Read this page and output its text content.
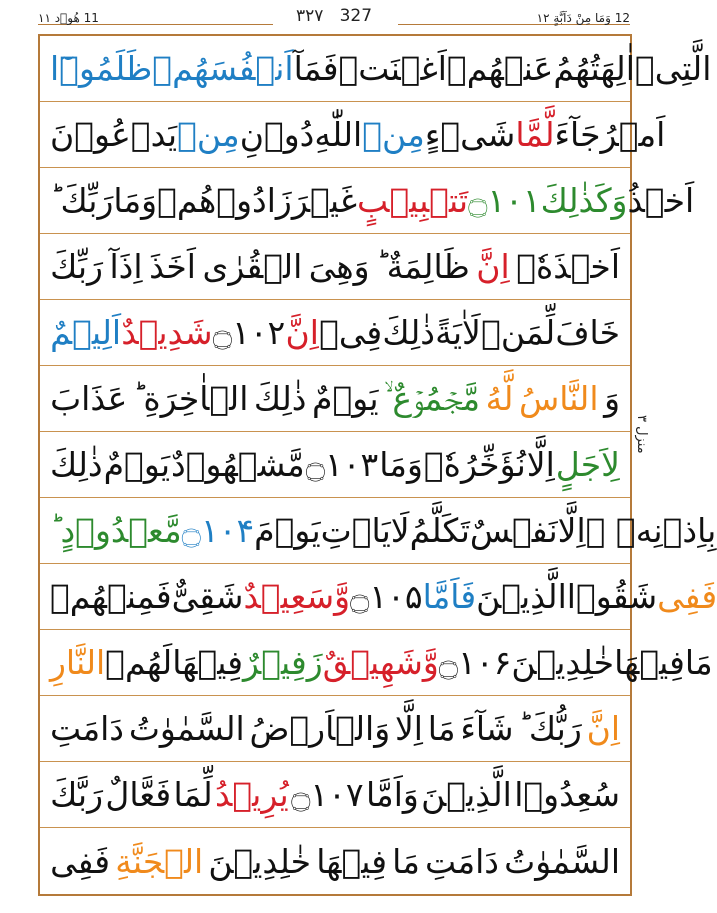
12 وَمَا مِنْ دَآبَّةٍ ۱۲
٣٢٧ 327
11 هُوۡد ۱۱
ظَلَمُوۡٓا اَنۡفُسَهُمۡ فَمَآ اَغۡنَتۡ عَنۡهُمۡ اٰلِهَتُهُمُ الَّتِىۡ
يَدۡعُوۡنَ مِنۡ دُوۡنِ اللّٰهِ مِنۡ شَىۡءٍ لَّمَّا جَآءَ اَمۡرُ
رَبِّكَ ؕ وَمَا زَادُوۡهُمۡ غَيۡرَ تَتۡبِيۡبٍ ۝۱۰۱ وَكَذٰلِكَ اَخۡذُ
رَبِّكَ اِذَآ اَخَذَ الۡقُرٰى وَهِىَ ظَالِمَةٌ ؕ اِنَّ اَخۡذَهٗۤ
اَلِيۡمٌ شَدِيۡدٌ ۝۱۰۲ اِنَّ فِىۡ ذٰلِكَ لَاٰيَةً لِّمَنۡ خَافَ
عَذَابَ الۡاٰخِرَةِ ؕ ذٰلِكَ يَوۡمٌ مَّجۡمُوۡعٌ ۙ لَّهُ النَّاسُ وَ
ذٰلِكَ يَوۡمٌ مَّشۡهُوۡدٌ ۝۱۰۳ وَمَا نُؤَخِّرُهٗۤ اِلَّا لِاَجَلٍ
مَّعۡدُوۡدٍ ؕ ۝۱۰۴ يَوۡمَ يَاۡتِ لَا تَكَلَّمُ نَفۡسٌ اِلَّا بِاِذۡنِهٖ ۚ
فَمِنۡهُمۡ شَقِىٌّ وَّسَعِيۡدٌ ۝۱۰۵ فَاَمَّا الَّذِيۡنَ شَقُوۡا فَفِى
النَّارِ لَهُمۡ فِيۡهَا زَفِيۡرٌ وَّشَهِيۡقٌ ۝۱۰۶ خٰلِدِيۡنَ فِيۡهَا مَا
دَامَتِ السَّمٰوٰتُ وَالۡاَرۡضُ اِلَّا مَا شَآءَ رَبُّكَ ؕ اِنَّ
رَبَّكَ فَعَّالٌ لِّمَا يُرِيۡدُ ۝۱۰۷ وَاَمَّا الَّذِيۡنَ سُعِدُوۡا
فَفِى الۡجَنَّةِ خٰلِدِيۡنَ فِيۡهَا مَا دَامَتِ السَّمٰوٰتُ
منزل ٣
